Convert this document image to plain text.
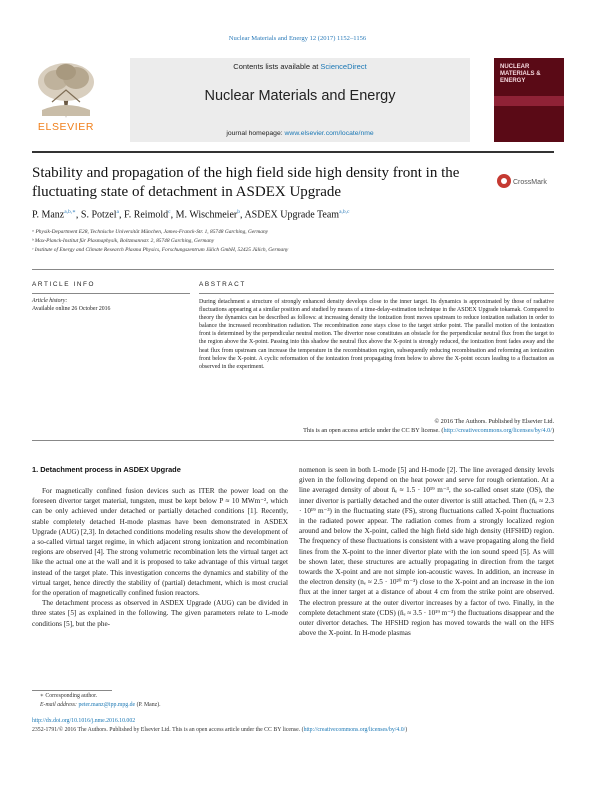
Nuclear Materials and Energy 12 (2017) 1152–1156
ELSEVIER
Contents lists available at ScienceDirect
Nuclear Materials and Energy
journal homepage: www.elsevier.com/locate/nme
NUCLEAR MATERIALS & ENERGY
Stability and propagation of the high field side high density front in the fluctuating state of detachment in ASDEX Upgrade
CrossMark
P. Manz$^{a,b,∗}$, S. Potzel$^a$, F. Reimold$^c$, M. Wischmeier$^b$, ASDEX Upgrade Team$^{a,b,c}$
ᵃ Physik-Department E28, Technische Universität München, James-Franck-Str. 1, 85748 Garching, Germany
ᵇ Max-Planck-Institut für Plasmaphysik, Boltzmannstr. 2, 85748 Garching, Germany
ᶜ Institute of Energy and Climate Research Plasma Physics, Forschungszentrum Jülich GmbH, 52425 Jülich, Germany
ARTICLE INFO
Article history:
Available online 26 October 2016
ABSTRACT
During detachment a structure of strongly enhanced density develops close to the inner target. Its dynamics is approximated by those of radiative fluctuations appearing at a similar position and studied by means of a time-delay-estimation technique in the ASDEX Upgrade tokamak. Compared to theory the dynamics can be described as follows: at increasing density the ionization front moves upstream to reduce ionization radiation in order to balance the increased recombination radiation. The recombination zone stays close to the target strike point. The parallel motion of the ionization front is determined by the perpendicular neutral motion. The divertor nose constitutes an obstacle for the perpendicular neutral flux from the target to the region above the X-point. Passing into this shadow the neutral flux above the X-point is strongly reduced, the ionization front fades away and the heat flux from upstream can increase the temperature in the recombination region, subsequently reducing recombination and reforming an ionization front below the X-point. A cyclic reformation of the ionization front propagating from below to above the X-point occurs leading to a fluctuation as observed in the experiment.
© 2016 The Authors. Published by Elsevier Ltd.
This is an open access article under the CC BY license. (http://creativecommons.org/licenses/by/4.0/)
1. Detachment process in ASDEX Upgrade

For magnetically confined fusion devices such as ITER the power load on the foreseen divertor target material, tungsten, must be kept below P ≈ 10 MWm⁻², which can be only achieved under detached or partially detached conditions [1]. Recently, stable completely detached H-mode plasmas have been demonstrated in ASDEX Upgrade (AUG) [2,3]. In detached conditions modeling results show the development of a so-called virtual target regime, in which adjacent strong ionization and recombination regions are observed [4]. The strong volumetric recombination lets the virtual target act like the actual one at the wall and it is proposed to take advantage of this virtual target instead of the target plate. This investigation concerns the dynamics and stability of the virtual target, hence directly the stability of (partial) detachment, which is most crucial for the operation of magnetically confined fusion reactors.

The detachment process as observed in ASDEX Upgrade (AUG) can be divided in three states [5] as explained in the following. The given parameters relate to L-mode conditions [5], but the phe-

nomenon is seen in both L-mode [5] and H-mode [2]. The line averaged density levels given in the following depend on the heat power and serve for rough orientation. At a line averaged density of about n̄ₑ ≈ 1.5 · 10¹⁹ m⁻³, the so-called onset state (OS), the inner divertor is partially detached and the outer divertor is still attached. Then (n̄ₑ ≈ 2.3 · 10¹⁹ m⁻³) in the fluctuating state (FS), strong fluctuations called X-point fluctuations in the radiated power appear. The radiation comes from a strongly localized region around and below the X-point, called the high field side high density (HFSHD) region. The frequency of these fluctuations is consistent with a wave propagating along the field lines from the X-point to the inner divertor plate with the ion sound speed [5]. As will be shown later, these structures are actually propagating in direction from the target towards the X-point and are not simple ion-acoustic waves. In addition, an increase in the electron density (nₑ ≈ 2.5 · 10²⁰ m⁻³) close to the X-point and an increase in the ion flux at the inner target at a distance of about 4 cm from the strike point are observed. The electron pressure at the outer divertor increases by a factor of two. Finally, in the complete detachment state (CDS) (n̄ₑ ≈ 3.5 · 10¹⁹ m⁻³) the fluctuations disappear and the outer divertor detaches. The HFSHD region has moved towards the wall on the HFS above the X-point. In H-mode plasmas

∗ Corresponding author.
E-mail address: peter.manz@ipp.mpg.de (P. Manz).
http://dx.doi.org/10.1016/j.nme.2016.10.002
2352-1791/© 2016 The Authors. Published by Elsevier Ltd. This is an open access article under the CC BY license. (http://creativecommons.org/licenses/by/4.0/)
